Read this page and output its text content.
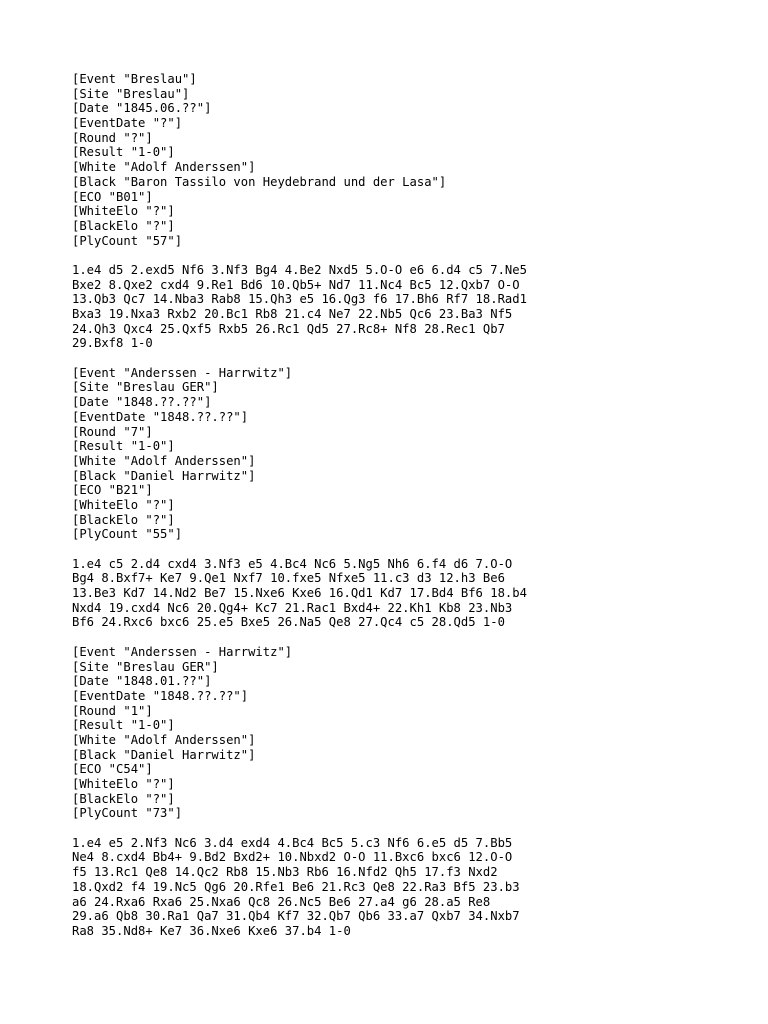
[Event "Breslau"]
[Site "Breslau"]
[Date "1845.06.??"]
[EventDate "?"]
[Round "?"]
[Result "1-0"]
[White "Adolf Anderssen"]
[Black "Baron Tassilo von Heydebrand und der Lasa"]
[ECO "B01"]
[WhiteElo "?"]
[BlackElo "?"]
[PlyCount "57"]
1.e4 d5 2.exd5 Nf6 3.Nf3 Bg4 4.Be2 Nxd5 5.O-O e6 6.d4 c5 7.Ne5
Bxe2 8.Qxe2 cxd4 9.Re1 Bd6 10.Qb5+ Nd7 11.Nc4 Bc5 12.Qxb7 O-O
13.Qb3 Qc7 14.Nba3 Rab8 15.Qh3 e5 16.Qg3 f6 17.Bh6 Rf7 18.Rad1
Bxa3 19.Nxa3 Rxb2 20.Bc1 Rb8 21.c4 Ne7 22.Nb5 Qc6 23.Ba3 Nf5
24.Qh3 Qxc4 25.Qxf5 Rxb5 26.Rc1 Qd5 27.Rc8+ Nf8 28.Rec1 Qb7
29.Bxf8 1-0
[Event "Anderssen - Harrwitz"]
[Site "Breslau GER"]
[Date "1848.??.??"]
[EventDate "1848.??.??"]
[Round "7"]
[Result "1-0"]
[White "Adolf Anderssen"]
[Black "Daniel Harrwitz"]
[ECO "B21"]
[WhiteElo "?"]
[BlackElo "?"]
[PlyCount "55"]
1.e4 c5 2.d4 cxd4 3.Nf3 e5 4.Bc4 Nc6 5.Ng5 Nh6 6.f4 d6 7.O-O
Bg4 8.Bxf7+ Ke7 9.Qe1 Nxf7 10.fxe5 Nfxe5 11.c3 d3 12.h3 Be6
13.Be3 Kd7 14.Nd2 Be7 15.Nxe6 Kxe6 16.Qd1 Kd7 17.Bd4 Bf6 18.b4
Nxd4 19.cxd4 Nc6 20.Qg4+ Kc7 21.Rac1 Bxd4+ 22.Kh1 Kb8 23.Nb3
Bf6 24.Rxc6 bxc6 25.e5 Bxe5 26.Na5 Qe8 27.Qc4 c5 28.Qd5 1-0
[Event "Anderssen - Harrwitz"]
[Site "Breslau GER"]
[Date "1848.01.??"]
[EventDate "1848.??.??"]
[Round "1"]
[Result "1-0"]
[White "Adolf Anderssen"]
[Black "Daniel Harrwitz"]
[ECO "C54"]
[WhiteElo "?"]
[BlackElo "?"]
[PlyCount "73"]
1.e4 e5 2.Nf3 Nc6 3.d4 exd4 4.Bc4 Bc5 5.c3 Nf6 6.e5 d5 7.Bb5
Ne4 8.cxd4 Bb4+ 9.Bd2 Bxd2+ 10.Nbxd2 O-O 11.Bxc6 bxc6 12.O-O
f5 13.Rc1 Qe8 14.Qc2 Rb8 15.Nb3 Rb6 16.Nfd2 Qh5 17.f3 Nxd2
18.Qxd2 f4 19.Nc5 Qg6 20.Rfe1 Be6 21.Rc3 Qe8 22.Ra3 Bf5 23.b3
a6 24.Rxa6 Rxa6 25.Nxa6 Qc8 26.Nc5 Be6 27.a4 g6 28.a5 Re8
29.a6 Qb8 30.Ra1 Qa7 31.Qb4 Kf7 32.Qb7 Qb6 33.a7 Qxb7 34.Nxb7
Ra8 35.Nd8+ Ke7 36.Nxe6 Kxe6 37.b4 1-0
